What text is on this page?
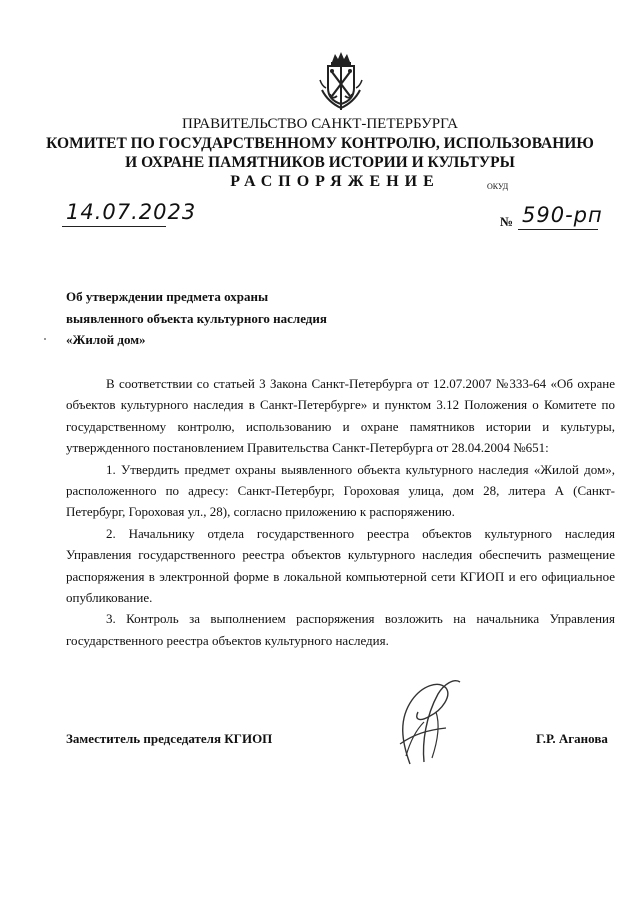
ПРАВИТЕЛЬСТВО САНКТ-ПЕТЕРБУРГА
КОМИТЕТ ПО ГОСУДАРСТВЕННОМУ КОНТРОЛЮ, ИСПОЛЬЗОВАНИЮ
И ОХРАНЕ ПАМЯТНИКОВ ИСТОРИИ И КУЛЬТУРЫ
РАСПОРЯЖЕНИЕ	ОКУД
14.07.2023	№ 590-рп
Об утверждении предмета охраны
выявленного объекта культурного наследия
«Жилой дом»

В соответствии со статьей 3 Закона Санкт-Петербурга от 12.07.2007 №333-64 «Об охране объектов культурного наследия в Санкт-Петербурге» и пунктом 3.12 Положения о Комитете по государственному контролю, использованию и охране памятников истории и культуры, утвержденного постановлением Правительства Санкт-Петербурга от 28.04.2004 №651:

1. Утвердить предмет охраны выявленного объекта культурного наследия «Жилой дом», расположенного по адресу: Санкт-Петербург, Гороховая улица, дом 28, литера А (Санкт-Петербург, Гороховая ул., 28), согласно приложению к распоряжению.

2. Начальнику отдела государственного реестра объектов культурного наследия Управления государственного реестра объектов культурного наследия обеспечить размещение распоряжения в электронной форме в локальной компьютерной сети КГИОП и его официальное опубликование.

3. Контроль за выполнением распоряжения возложить на начальника Управления государственного реестра объектов культурного наследия.

Заместитель председателя КГИОП	Г.Р. Аганова
